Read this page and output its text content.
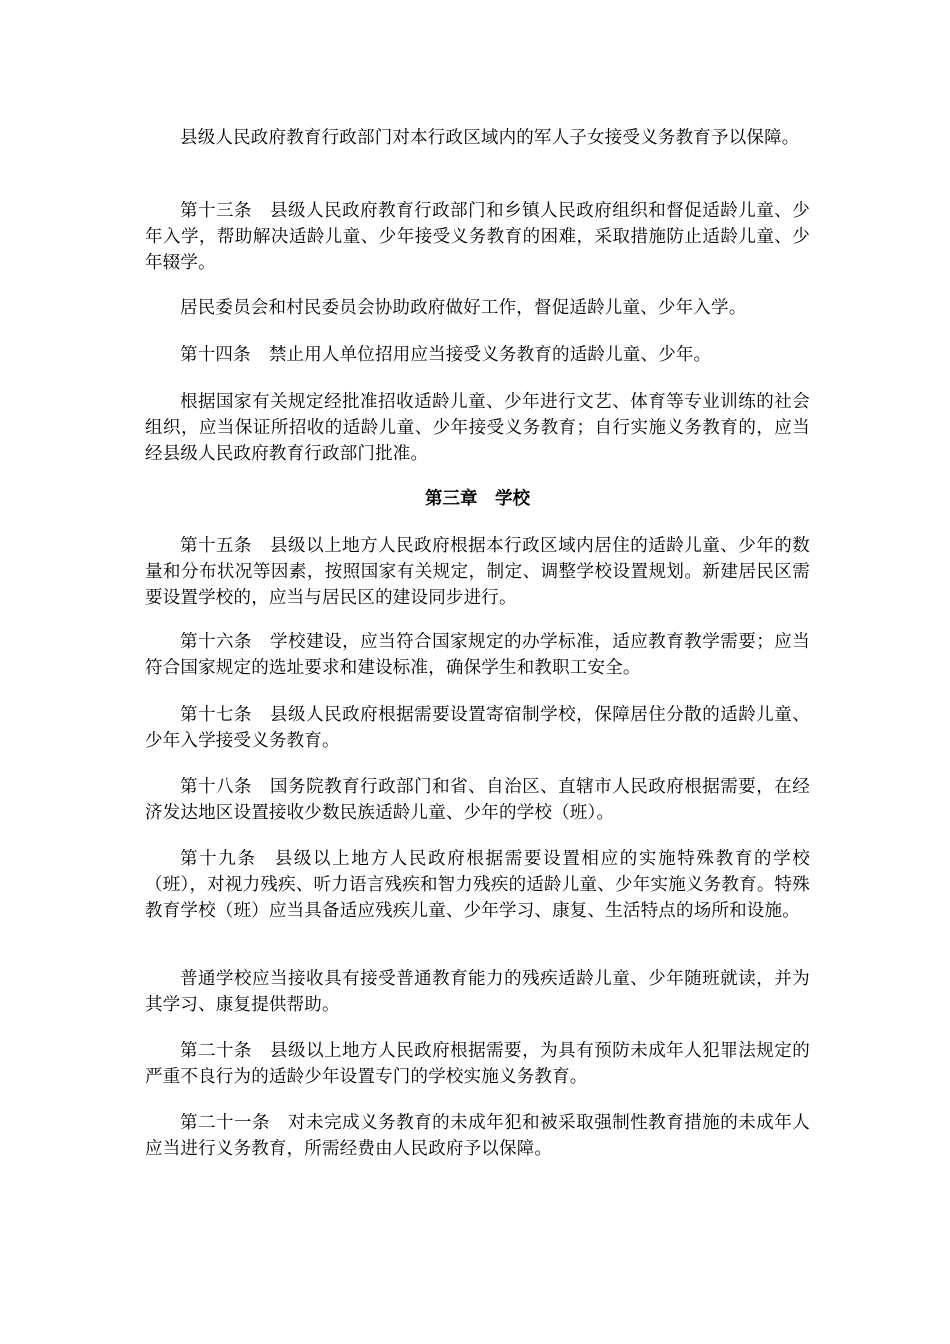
县级人民政府教育行政部门对本行政区域内的军人子女接受义务教育予以保障。

第十三条 县级人民政府教育行政部门和乡镇人民政府组织和督促适龄儿童、少年入学，帮助解决适龄儿童、少年接受义务教育的困难，采取措施防止适龄儿童、少年辍学。

居民委员会和村民委员会协助政府做好工作，督促适龄儿童、少年入学。

第十四条 禁止用人单位招用应当接受义务教育的适龄儿童、少年。

根据国家有关规定经批准招收适龄儿童、少年进行文艺、体育等专业训练的社会组织，应当保证所招收的适龄儿童、少年接受义务教育；自行实施义务教育的，应当经县级人民政府教育行政部门批准。

第三章　学校

第十五条 县级以上地方人民政府根据本行政区域内居住的适龄儿童、少年的数量和分布状况等因素，按照国家有关规定，制定、调整学校设置规划。新建居民区需要设置学校的，应当与居民区的建设同步进行。

第十六条 学校建设，应当符合国家规定的办学标准，适应教育教学需要；应当符合国家规定的选址要求和建设标准，确保学生和教职工安全。

第十七条 县级人民政府根据需要设置寄宿制学校，保障居住分散的适龄儿童、少年入学接受义务教育。

第十八条 国务院教育行政部门和省、自治区、直辖市人民政府根据需要，在经济发达地区设置接收少数民族适龄儿童、少年的学校（班）。

第十九条 县级以上地方人民政府根据需要设置相应的实施特殊教育的学校（班），对视力残疾、听力语言残疾和智力残疾的适龄儿童、少年实施义务教育。特殊教育学校（班）应当具备适应残疾儿童、少年学习、康复、生活特点的场所和设施。

普通学校应当接收具有接受普通教育能力的残疾适龄儿童、少年随班就读，并为其学习、康复提供帮助。

第二十条 县级以上地方人民政府根据需要，为具有预防未成年人犯罪法规定的严重不良行为的适龄少年设置专门的学校实施义务教育。

第二十一条 对未完成义务教育的未成年犯和被采取强制性教育措施的未成年人应当进行义务教育，所需经费由人民政府予以保障。
